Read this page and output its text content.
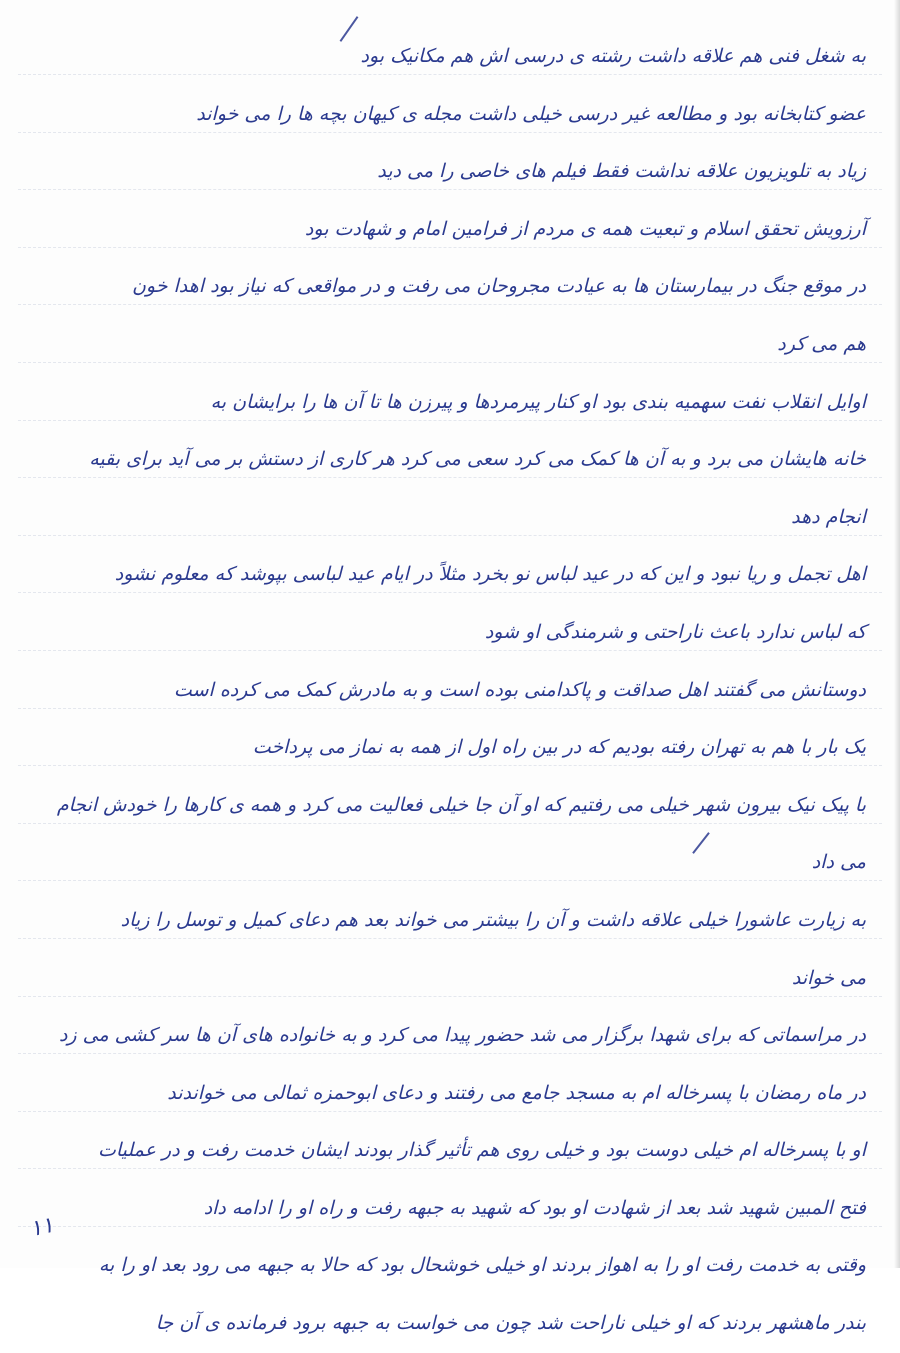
به شغل فنی هم علاقه داشت رشته ی درسی اش هم مکانیک بود
عضو کتابخانه بود و مطالعه غیر درسی خیلی داشت مجله ی کیهان بچه ها را می خواند
زیاد به تلویزیون علاقه نداشت فقط فیلم های خاصی را می دید
آرزویش تحقق اسلام و تبعیت همه ی مردم از فرامین امام و شهادت بود
در موقع جنگ در بیمارستان ها به عیادت مجروحان می رفت و در مواقعی که نیاز بود اهدا خون
هم می کرد
اوایل انقلاب نفت سهمیه بندی بود او کنار پیرمردها و پیرزن ها تا آن ها را برایشان به
خانه هایشان می برد و به آن ها کمک می کرد سعی می کرد هر کاری از دستش بر می آید برای بقیه
انجام دهد
اهل تجمل و ریا نبود و این که در عید لباس نو بخرد مثلاً در ایام عید لباسی بپوشد که معلوم نشود
که لباس ندارد باعث ناراحتی و شرمندگی او شود
دوستانش می گفتند اهل صداقت و پاکدامنی بوده است و به مادرش کمک می کرده است
یک بار با هم به تهران رفته بودیم که در بین راه اول از همه به نماز می پرداخت
با پیک نیک بیرون شهر خیلی می رفتیم که او آن جا خیلی فعالیت می کرد و همه ی کارها را خودش انجام
می داد
به زیارت عاشورا خیلی علاقه داشت و آن را بیشتر می خواند بعد هم دعای کمیل و توسل را زیاد
می خواند
در مراسماتی که برای شهدا برگزار می شد حضور پیدا می کرد و به خانواده های آن ها سر کشی می زد
در ماه رمضان با پسرخاله ام به مسجد جامع می رفتند و دعای ابوحمزه ثمالی می خواندند
او با پسرخاله ام خیلی دوست بود و خیلی روی هم تأثیر گذار بودند ایشان خدمت رفت و در عملیات
فتح المبین شهید شد بعد از شهادت او بود که شهید به جبهه رفت و راه او را ادامه داد
وقتی به خدمت رفت او را به اهواز بردند او خیلی خوشحال بود که حالا به جبهه می رود بعد او را به
بندر ماهشهر بردند که او خیلی ناراحت شد چون می خواست به جبهه برود فرمانده ی آن جا
۱۱
